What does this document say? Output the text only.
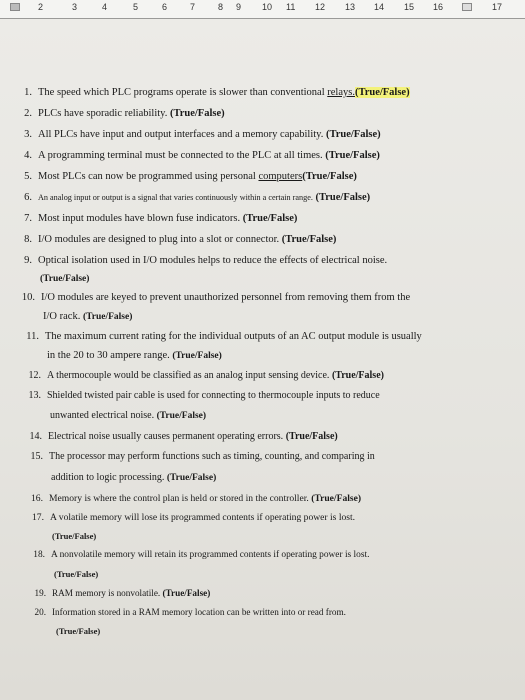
2	3	4	5	6	7	8 9 10 11 12 13 14 15 16	17
1. The speed which PLC programs operate is slower than conventional relays.(True/False)
2. PLCs have sporadic reliability. (True/False)
3. All PLCs have input and output interfaces and a memory capability. (True/False)
4. A programming terminal must be connected to the PLC at all times. (True/False)
5. Most PLCs can now be programmed using personal computers(True/False)
6. An analog input or output is a signal that varies continuously within a certain range. (True/False)
7. Most input modules have blown fuse indicators. (True/False)
8. I/O modules are designed to plug into a slot or connector. (True/False)
9. Optical isolation used in I/O modules helps to reduce the effects of electrical noise.
(True/False)
10. I/O modules are keyed to prevent unauthorized personnel from removing them from the
I/O rack. (True/False)
11. The maximum current rating for the individual outputs of an AC output module is usually
in the 20 to 30 ampere range. (True/False)
12. A thermocouple would be classified as an analog input sensing device. (True/False)
13. Shielded twisted pair cable is used for connecting to thermocouple inputs to reduce
unwanted electrical noise. (True/False)
14. Electrical noise usually causes permanent operating errors. (True/False)
15. The processor may perform functions such as timing, counting, and comparing in
addition to logic processing. (True/False)
16. Memory is where the control plan is held or stored in the controller. (True/False)
17. A volatile memory will lose its programmed contents if operating power is lost.
(True/False)
18. A nonvolatile memory will retain its programmed contents if operating power is lost.
(True/False)
19. RAM memory is nonvolatile. (True/False)
20. Information stored in a RAM memory location can be written into or read from.
(True/False)
